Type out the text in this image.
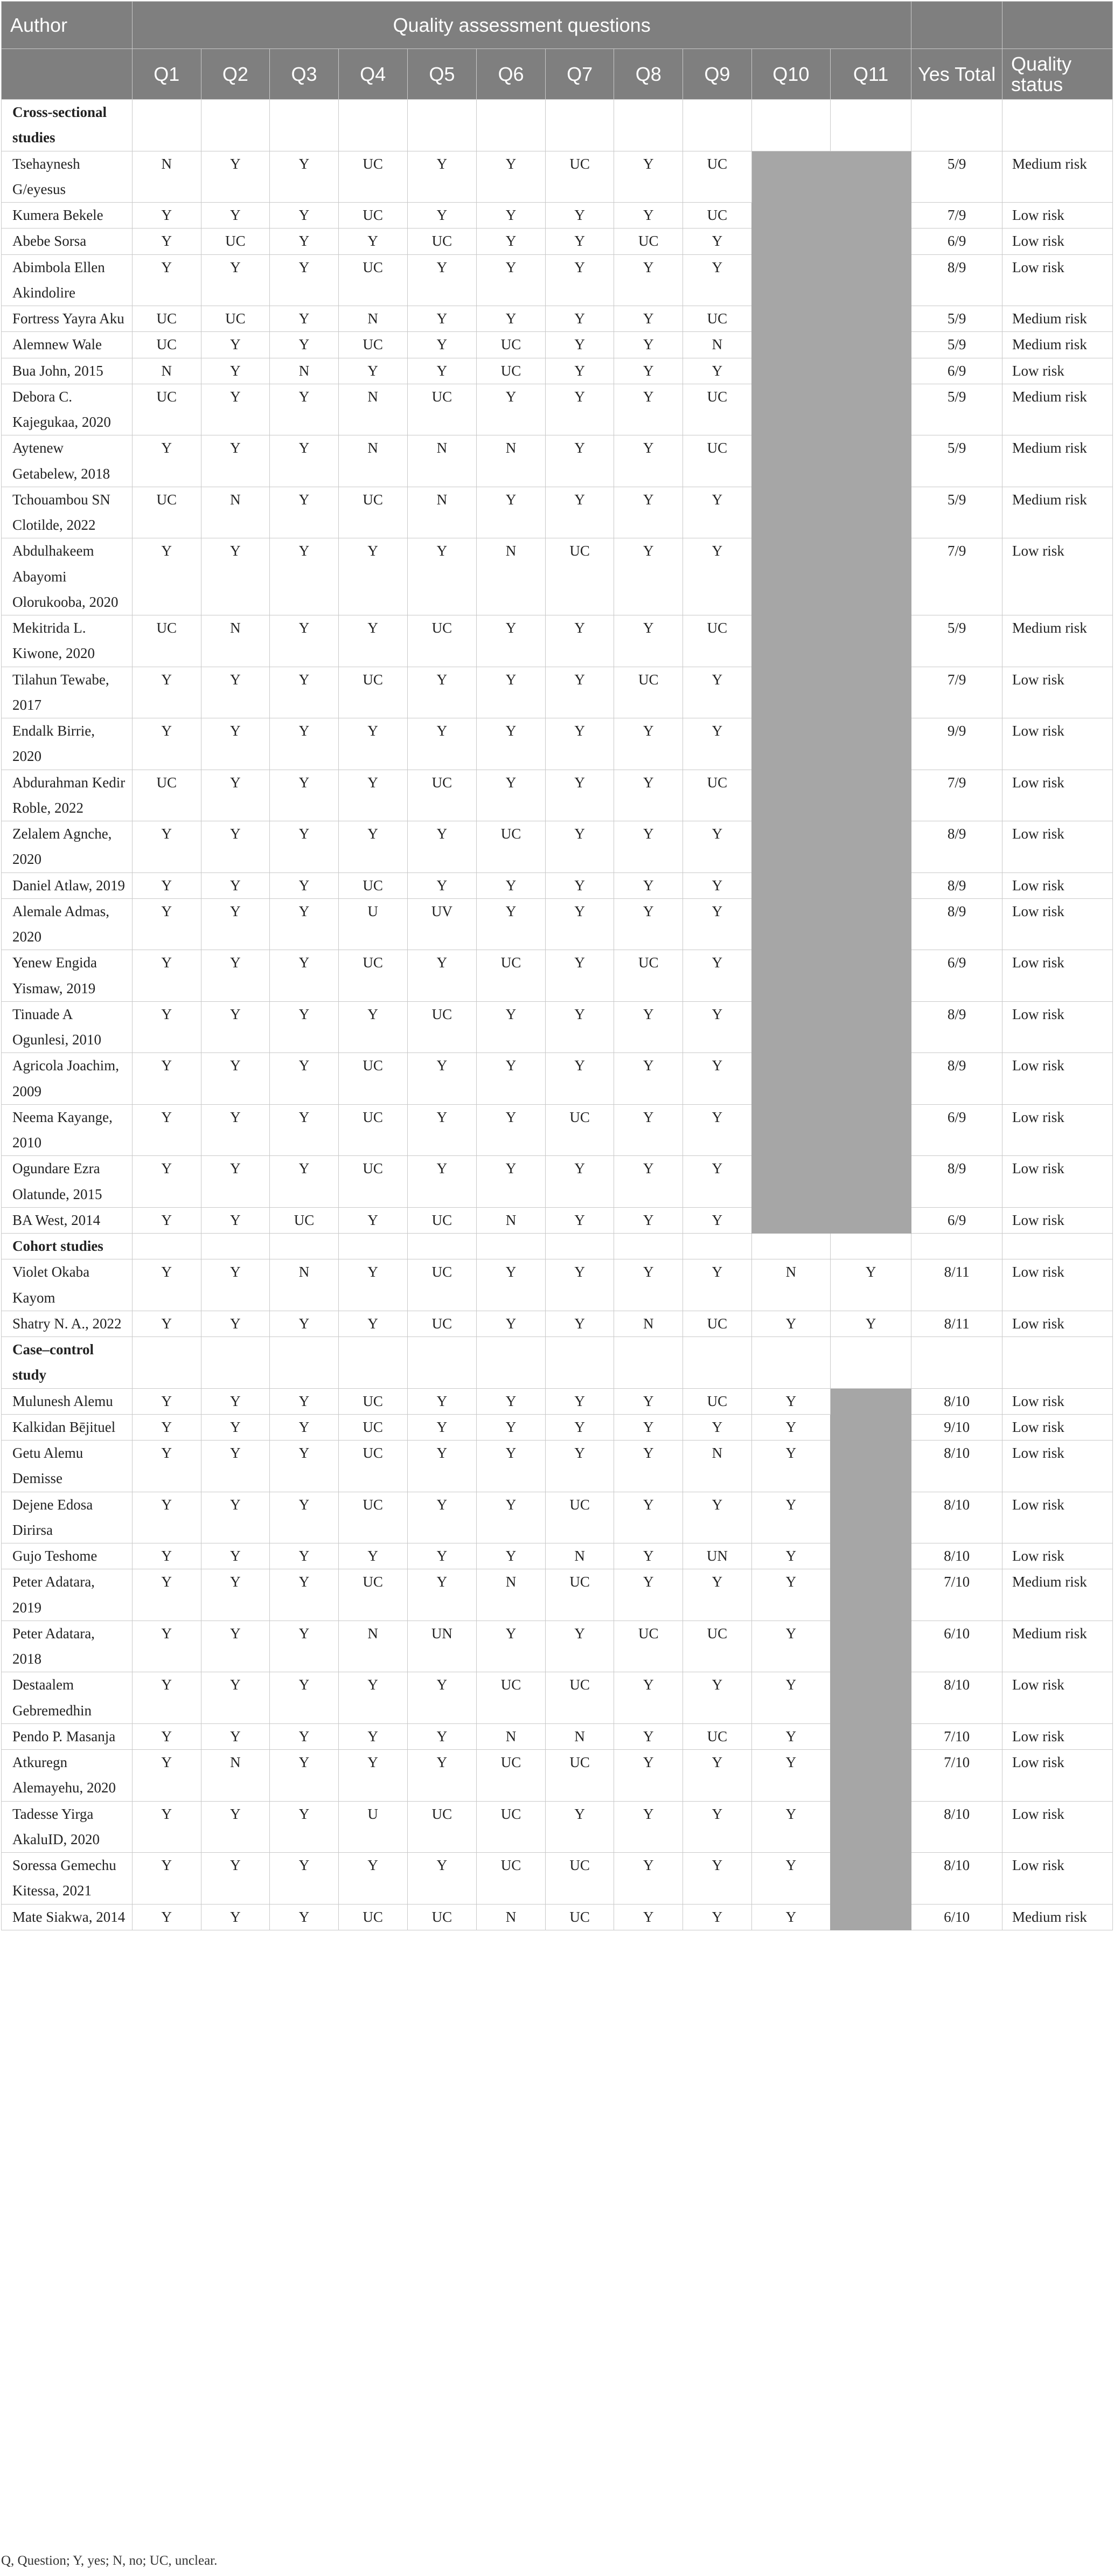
Author	Quality assessment questions												
	Q1	Q2	Q3	Q4	Q5	Q6	Q7	Q8	Q9	Q10	Q11	Yes Total	Quality status
Cross-sectional studies													
Tsehaynesh G/eyesus	N	Y	Y	UC	Y	Y	UC	Y	UC			5/9	Medium risk
Kumera Bekele	Y	Y	Y	UC	Y	Y	Y	Y	UC			7/9	Low risk
Abebe Sorsa	Y	UC	Y	Y	UC	Y	Y	UC	Y			6/9	Low risk
Abimbola Ellen Akindolire	Y	Y	Y	UC	Y	Y	Y	Y	Y			8/9	Low risk
Fortress Yayra Aku	UC	UC	Y	N	Y	Y	Y	Y	UC			5/9	Medium risk
Alemnew Wale	UC	Y	Y	UC	Y	UC	Y	Y	N			5/9	Medium risk
Bua John, 2015	N	Y	N	Y	Y	UC	Y	Y	Y			6/9	Low risk
Debora C. Kajegukaa, 2020	UC	Y	Y	N	UC	Y	Y	Y	UC			5/9	Medium risk
Aytenew Getabelew, 2018	Y	Y	Y	N	N	N	Y	Y	UC			5/9	Medium risk
Tchouambou SN Clotilde, 2022	UC	N	Y	UC	N	Y	Y	Y	Y			5/9	Medium risk
Abdulhakeem Abayomi Olorukooba, 2020	Y	Y	Y	Y	Y	N	UC	Y	Y			7/9	Low risk
Mekitrida L. Kiwone, 2020	UC	N	Y	Y	UC	Y	Y	Y	UC			5/9	Medium risk
Tilahun Tewabe, 2017	Y	Y	Y	UC	Y	Y	Y	UC	Y			7/9	Low risk
Endalk Birrie, 2020	Y	Y	Y	Y	Y	Y	Y	Y	Y			9/9	Low risk
Abdurahman Kedir Roble, 2022	UC	Y	Y	Y	UC	Y	Y	Y	UC			7/9	Low risk
Zelalem Agnche, 2020	Y	Y	Y	Y	Y	UC	Y	Y	Y			8/9	Low risk
Daniel Atlaw, 2019	Y	Y	Y	UC	Y	Y	Y	Y	Y			8/9	Low risk
Alemale Admas, 2020	Y	Y	Y	U	UV	Y	Y	Y	Y			8/9	Low risk
Yenew Engida Yismaw, 2019	Y	Y	Y	UC	Y	UC	Y	UC	Y			6/9	Low risk
Tinuade A Ogunlesi, 2010	Y	Y	Y	Y	UC	Y	Y	Y	Y			8/9	Low risk
Agricola Joachim, 2009	Y	Y	Y	UC	Y	Y	Y	Y	Y			8/9	Low risk
Neema Kayange, 2010	Y	Y	Y	UC	Y	Y	UC	Y	Y			6/9	Low risk
Ogundare Ezra Olatunde, 2015	Y	Y	Y	UC	Y	Y	Y	Y	Y			8/9	Low risk
BA West, 2014	Y	Y	UC	Y	UC	N	Y	Y	Y			6/9	Low risk
Cohort studies													
Violet Okaba Kayom	Y	Y	N	Y	UC	Y	Y	Y	Y	N	Y	8/11	Low risk
Shatry N. A., 2022	Y	Y	Y	Y	UC	Y	Y	N	UC	Y	Y	8/11	Low risk
Case–control study													
Mulunesh Alemu	Y	Y	Y	UC	Y	Y	Y	Y	UC	Y		8/10	Low risk
Kalkidan Bējituel	Y	Y	Y	UC	Y	Y	Y	Y	Y	Y		9/10	Low risk
Getu Alemu Demisse	Y	Y	Y	UC	Y	Y	Y	Y	N	Y		8/10	Low risk
Dejene Edosa Dirirsa	Y	Y	Y	UC	Y	Y	UC	Y	Y	Y		8/10	Low risk
Gujo Teshome	Y	Y	Y	Y	Y	Y	N	Y	UN	Y		8/10	Low risk
Peter Adatara, 2019	Y	Y	Y	UC	Y	N	UC	Y	Y	Y		7/10	Medium risk
Peter Adatara, 2018	Y	Y	Y	N	UN	Y	Y	UC	UC	Y		6/10	Medium risk
Destaalem Gebremedhin	Y	Y	Y	Y	Y	UC	UC	Y	Y	Y		8/10	Low risk
Pendo P. Masanja	Y	Y	Y	Y	Y	N	N	Y	UC	Y		7/10	Low risk
Atkuregn Alemayehu, 2020	Y	N	Y	Y	Y	UC	UC	Y	Y	Y		7/10	Low risk
Tadesse Yirga AkaluID, 2020	Y	Y	Y	U	UC	UC	Y	Y	Y	Y		8/10	Low risk
Soressa Gemechu Kitessa, 2021	Y	Y	Y	Y	Y	UC	UC	Y	Y	Y		8/10	Low risk
Mate Siakwa, 2014	Y	Y	Y	UC	UC	N	UC	Y	Y	Y		6/10	Medium risk
Q, Question; Y, yes; N, no; UC, unclear.
